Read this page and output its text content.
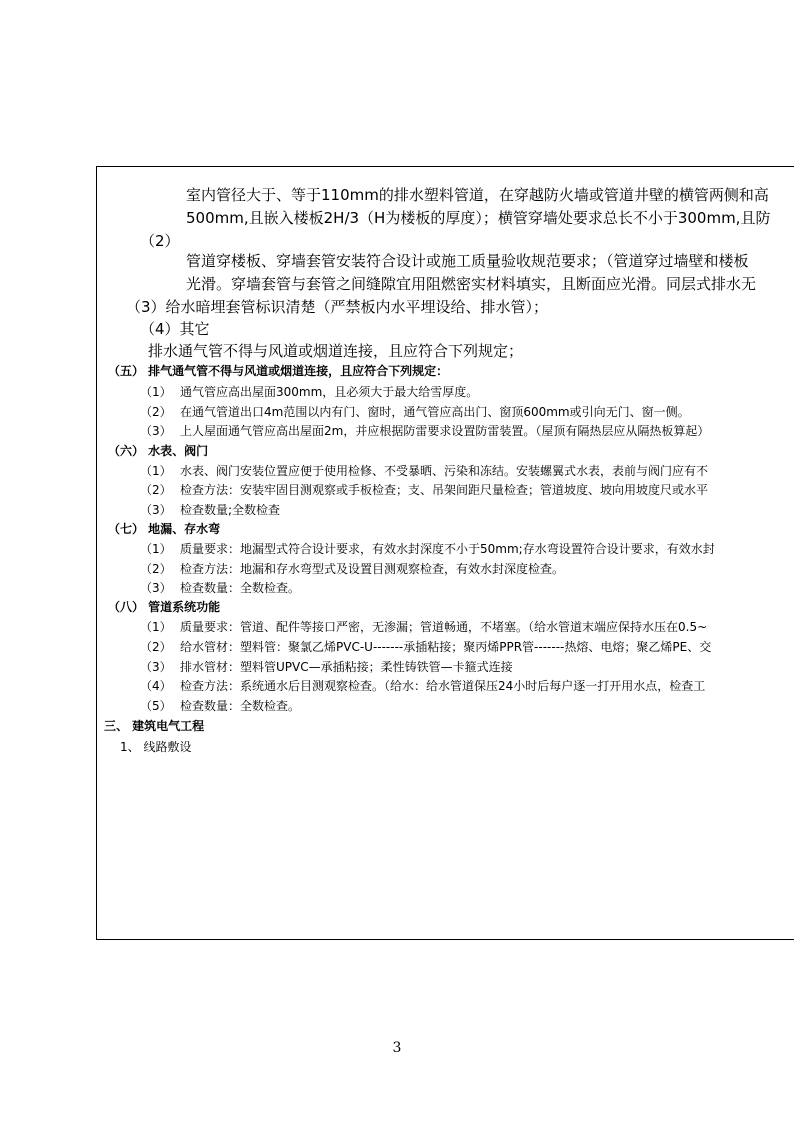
室内管径大于、等于110mm的排水塑料管道，在穿越防火墙或管道井壁的横管两侧和高
500mm,且嵌入楼板2H/3（H为楼板的厚度）；横管穿墙处要求总长不小于300mm,且防
（2）
管道穿楼板、穿墙套管安装符合设计或施工质量验收规范要求；（管道穿过墙壁和楼板
光滑。穿墙套管与套管之间缝隙宜用阻燃密实材料填实，且断面应光滑。同层式排水无
（3）给水暗埋套管标识清楚（严禁板内水平埋设给、排水管）；
（4）其它
排水通气管不得与风道或烟道连接，且应符合下列规定；
（五） 排气通气管不得与风道或烟道连接，且应符合下列规定：
（1） 通气管应高出屋面300mm，且必须大于最大给雪厚度。
（2） 在通气管道出口4m范围以内有门、窗时，通气管应高出门、窗顶600mm或引向无门、窗一侧。
（3） 上人屋面通气管应高出屋面2m，并应根据防雷要求设置防雷装置。（屋顶有隔热层应从隔热板算起）
（六） 水表、阀门
（1） 水表、阀门安装位置应便于使用检修、不受暴晒、污染和冻结。安装螺翼式水表，表前与阀门应有不
（2） 检查方法：安装牢固目测观察或手板检查；支、吊架间距尺量检查；管道坡度、坡向用坡度尺或水平
（3） 检查数量;全数检查
（七） 地漏、存水弯
（1） 质量要求：地漏型式符合设计要求，有效水封深度不小于50mm;存水弯设置符合设计要求，有效水封
（2） 检查方法：地漏和存水弯型式及设置目测观察检查，有效水封深度检查。
（3） 检查数量：全数检查。
（八） 管道系统功能
（1） 质量要求：管道、配件等接口严密，无渗漏；管道畅通，不堵塞。（给水管道末端应保持水压在0.5~
（2） 给水管材：塑料管：聚氯乙烯PVC-U-------承插粘接；聚丙烯PPR管-------热熔、电熔；聚乙烯PE、交
（3） 排水管材：塑料管UPVC—承插粘接；柔性铸铁管—卡箍式连接
（4） 检查方法：系统通水后目测观察检查。（给水：给水管道保压24小时后每户逐一打开用水点，检查工
（5） 检查数量：全数检查。
三、 建筑电气工程
1、 线路敷设
3
